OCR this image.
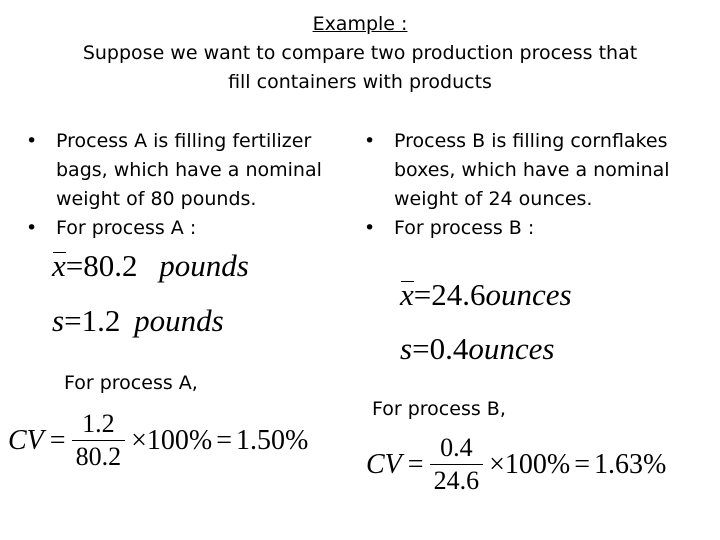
Example :
Suppose we want to compare two production process that
fill containers with products
• Process A is filling fertilizer bags, which have a nominal weight of 80 pounds.
• For process A :
x=80.2 pounds
s=1.2 pounds
For process A,
CV = $\frac{1.2}{80.2} \times 100\% = 1.50\%$
• Process B is filling cornflakes boxes, which have a nominal weight of 24 ounces.
• For process B :
x=24.6ounces
s=0.4ounces
For process B,
CV = $\frac{0.4}{24.6} \times 100\% = 1.63\%$
